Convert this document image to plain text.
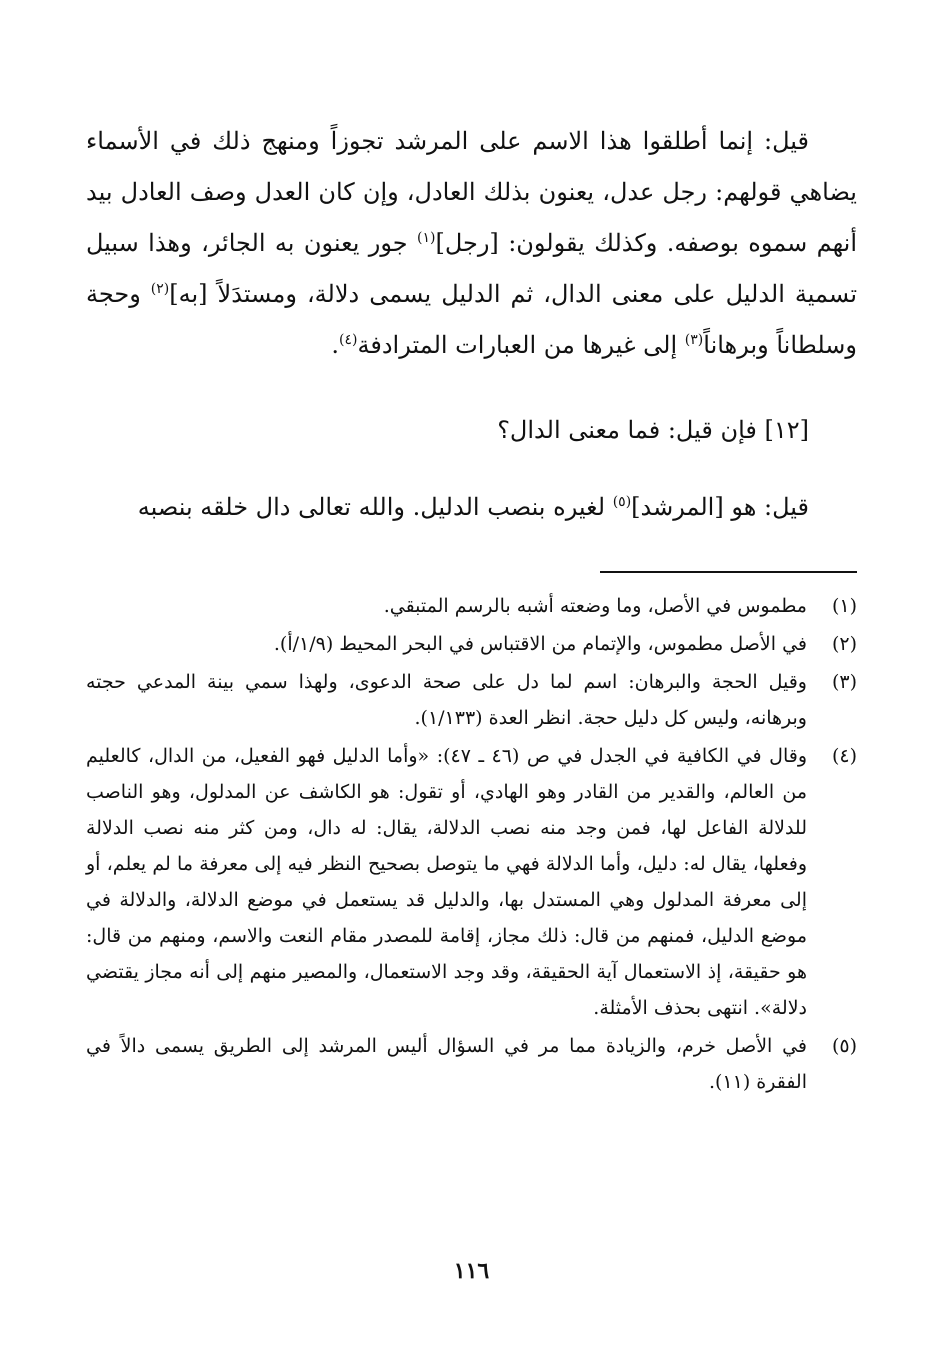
قيل: إنما أطلقوا هذا الاسم على المرشد تجوزاً ومنهج ذلك في الأسماء يضاهي قولهم: رجل عدل، يعنون بذلك العادل، وإن كان العدل وصف العادل بيد أنهم سموه بوصفه. وكذلك يقولون: [رجل]$^{(١)}$ جور يعنون به الجائر، وهذا سبيل تسمية الدليل على معنى الدال، ثم الدليل يسمى دلالة، ومستدَلاً [به]$^{(٢)}$ وحجة وسلطاناً وبرهاناً$^{(٣)}$ إلى غيرها من العبارات المترادفة$^{(٤)}$.

[١٢] فإن قيل: فما معنى الدال؟

قيل: هو [المرشد]$^{(٥)}$ لغيره بنصب الدليل. والله تعالى دال خلقه بنصبه

(١)
مطموس في الأصل، وما وضعته أشبه بالرسم المتبقي.
(٢)
في الأصل مطموس، والإتمام من الاقتباس في البحر المحيط (١/٩/أ).
(٣)
وقيل الحجة والبرهان: اسم لما دل على صحة الدعوى، ولهذا سمي بينة المدعي حجته وبرهانه، وليس كل دليل حجة. انظر العدة (١/١٣٣).
(٤)
وقال في الكافية في الجدل في ص (٤٦ ـ ٤٧): «وأما الدليل فهو الفعيل، من الدال، كالعليم من العالم، والقدير من القادر وهو الهادي، أو تقول: هو الكاشف عن المدلول، وهو الناصب للدلالة الفاعل لها، فمن وجد منه نصب الدلالة، يقال: له دال، ومن كثر منه نصب الدلالة وفعلها، يقال له: دليل، وأما الدلالة فهي ما يتوصل بصحيح النظر فيه إلى معرفة ما لم يعلم، أو إلى معرفة المدلول وهي المستدل بها، والدليل قد يستعمل في موضع الدلالة، والدلالة في موضع الدليل، فمنهم من قال: ذلك مجاز، إقامة للمصدر مقام النعت والاسم، ومنهم من قال: هو حقيقة، إذ الاستعمال آية الحقيقة، وقد وجد الاستعمال، والمصير منهم إلى أنه مجاز يقتضي دلالة». انتهى بحذف الأمثلة.
(٥)
في الأصل خرم، والزيادة مما مر في السؤال أليس المرشد إلى الطريق يسمى دالاً في الفقرة (١١).
١١٦
